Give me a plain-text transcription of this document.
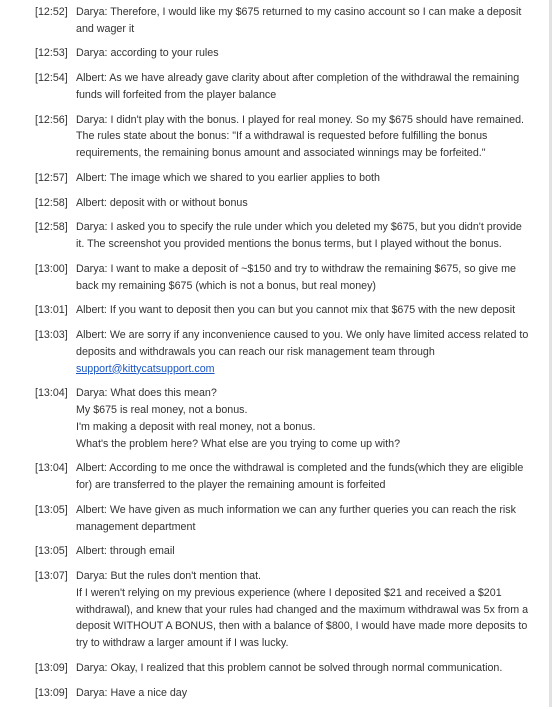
[12:52] Darya: Therefore, I would like my $675 returned to my casino account so I can make a deposit
and wager it
[12:53] Darya: according to your rules
[12:54] Albert: As we have already gave clarity about after completion of the withdrawal the remaining
funds will forfeited from the player balance
[12:56] Darya: I didn't play with the bonus. I played for real money. So my $675 should have remained.
The rules state about the bonus: "If a withdrawal is requested before fulfilling the bonus
requirements, the remaining bonus amount and associated winnings may be forfeited."
[12:57] Albert: The image which we shared to you earlier applies to both
[12:58] Albert: deposit with or without bonus
[12:58] Darya: I asked you to specify the rule under which you deleted my $675, but you didn't provide
it. The screenshot you provided mentions the bonus terms, but I played without the bonus.
[13:00] Darya: I want to make a deposit of ~$150 and try to withdraw the remaining $675, so give me
back my remaining $675 (which is not a bonus, but real money)
[13:01] Albert: If you want to deposit then you can but you cannot mix that $675 with the new deposit
[13:03] Albert: We are sorry if any inconvenience caused to you. We only have limited access related to
deposits and withdrawals you can reach our risk management team through
support@kittycatsupport.com
[13:04] Darya: What does this mean?
My $675 is real money, not a bonus.
I'm making a deposit with real money, not a bonus.
What's the problem here? What else are you trying to come up with?
[13:04] Albert: According to me once the withdrawal is completed and the funds(which they are eligible
for) are transferred to the player the remaining amount is forfeited
[13:05] Albert: We have given as much information we can any further queries you can reach the risk
management department
[13:05] Albert: through email
[13:07] Darya: But the rules don't mention that.
If I weren't relying on my previous experience (where I deposited $21 and received a $201
withdrawal), and knew that your rules had changed and the maximum withdrawal was 5x from a
deposit WITHOUT A BONUS, then with a balance of $800, I would have made more deposits to
try to withdraw a larger amount if I was lucky.
[13:09] Darya: Okay, I realized that this problem cannot be solved through normal communication.
[13:09] Darya: Have a nice day
